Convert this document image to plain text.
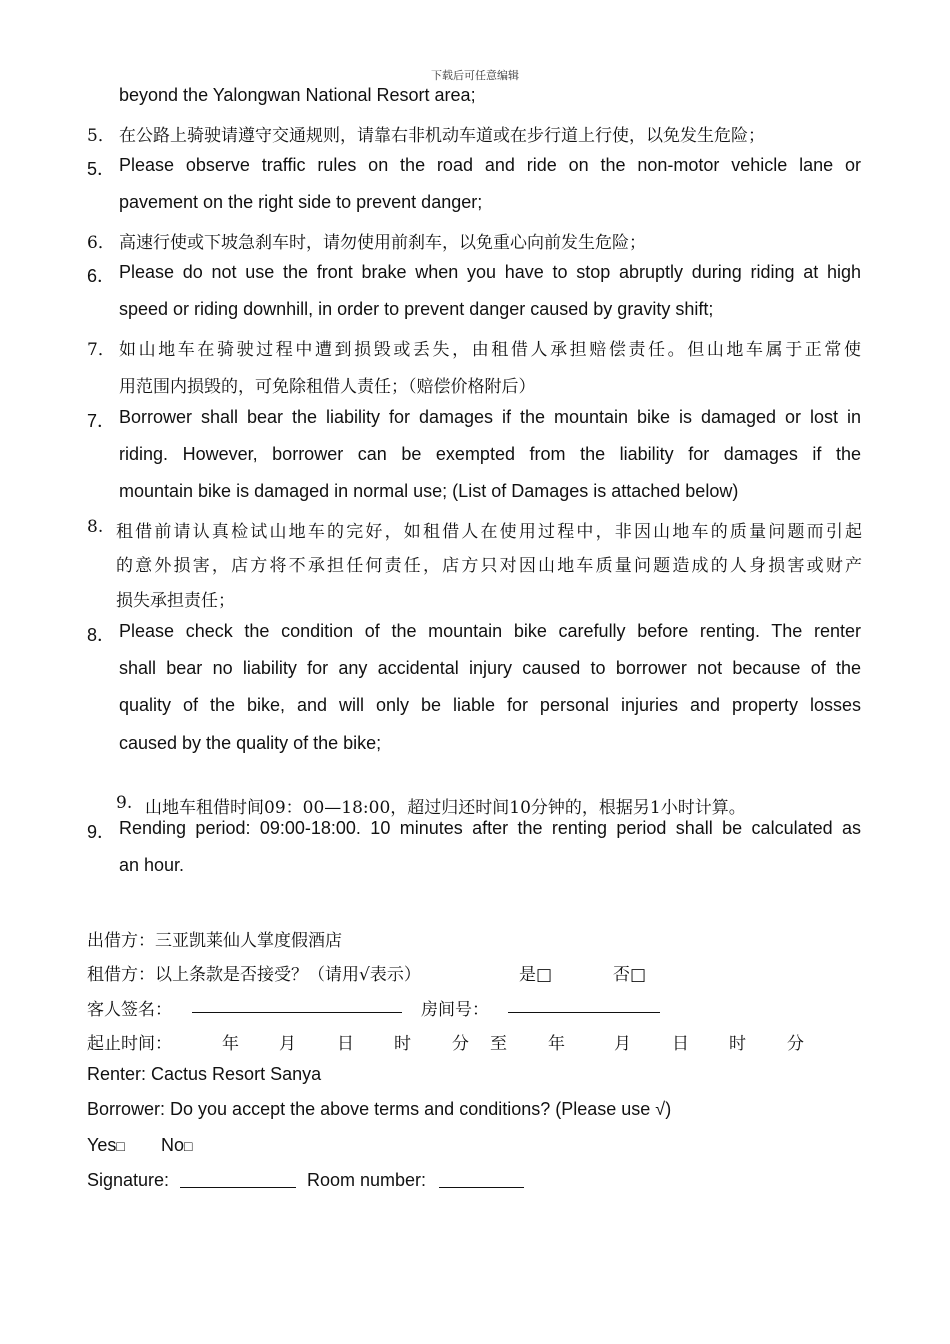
下载后可任意编辑
beyond the Yalongwan National Resort area;
5． 在公路上骑驶请遵守交通规则，请靠右非机动车道或在步行道上行使，以免发生危险；
5． Please observe traffic rules on the road and ride on the non-motor vehicle lane or
pavement on the right side to prevent danger;
6． 高速行使或下坡急刹车时，请勿使用前刹车，以免重心向前发生危险；
6． Please do not use the front brake when you have to stop abruptly during riding at high
speed or riding downhill, in order to prevent danger caused by gravity shift;
7． 如山地车在骑驶过程中遭到损毁或丢失，由租借人承担赔偿责任。但山地车属于正常使
用范围内损毁的，可免除租借人责任；（赔偿价格附后）
7． Borrower shall bear the liability for damages if the mountain bike is damaged or lost in
riding. However, borrower can be exempted from the liability for damages if the
mountain bike is damaged in normal use; (List of Damages is attached below)
8. 租借前请认真检试山地车的完好，如租借人在使用过程中，非因山地车的质量问题而引起
的意外损害，店方将不承担任何责任，店方只对因山地车质量问题造成的人身损害或财产
损失承担责任；
8． Please check the condition of the mountain bike carefully before renting. The renter
shall bear no liability for any accidental injury caused to borrower not because of the
quality of the bike, and will only be liable for personal injuries and property losses
caused by the quality of the bike;
9. 山地车租借时间09：00—18:00，超过归还时间10分钟的，根据另1小时计算。
9． Rending period: 09:00-18:00. 10 minutes after the renting period shall be calculated as
an hour.
出借方：三亚凯莱仙人掌度假酒店
租借方：以上条款是否接受？（请用√表示）	是□	否□
客人签名：	房间号：
起止时间：	年 月 日 时 分 至 年	月 日 时 分
Renter: Cactus Resort Sanya
Borrower: Do you accept the above terms and conditions? (Please use √)
Yes□ No□
Signature:	Room number:
